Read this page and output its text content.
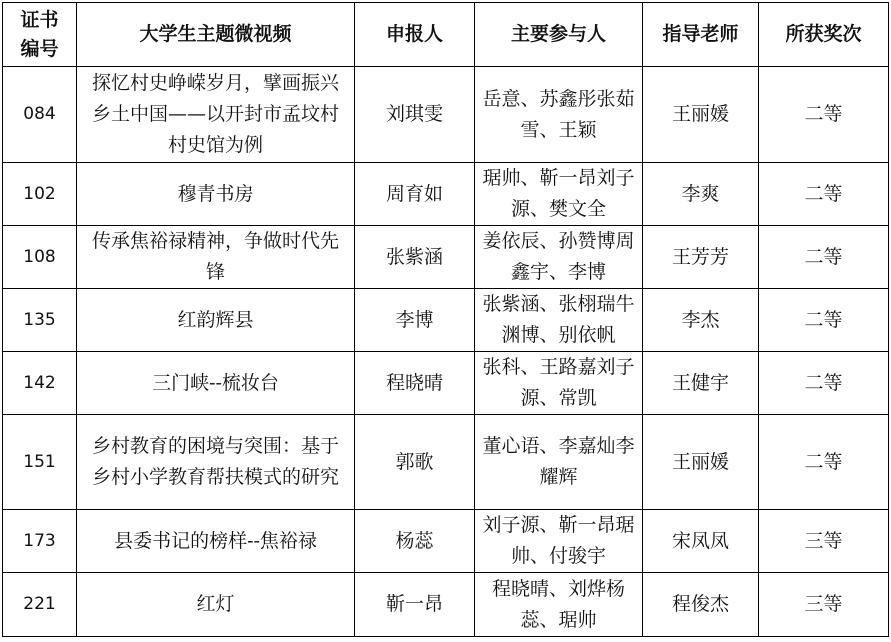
证书编号	大学生主题微视频	申报人	主要参与人	指导老师	所获奖次
084	探忆村史峥嵘岁月，擘画振兴乡土中国——以开封市孟坟村村史馆为例	刘琪雯	岳意、苏鑫彤张茹雪、王颖	王丽媛	二等
102	穆青书房	周育如	琚帅、靳一昂刘子源、樊文全	李爽	二等
108	传承焦裕禄精神，争做时代先锋	张紫涵	姜依辰、孙赞博周鑫宇、李博	王芳芳	二等
135	红韵辉县	李博	张紫涵、张栩瑞牛渊博、别依帆	李杰	二等
142	三门峡--梳妆台	程晓晴	张科、王路嘉刘子源、常凯	王健宇	二等
151	乡村教育的困境与突围：基于乡村小学教育帮扶模式的研究	郭歌	董心语、李嘉灿李耀辉	王丽媛	二等
173	县委书记的榜样--焦裕禄	杨蕊	刘子源、靳一昂琚帅、付骏宇	宋凤凤	三等
221	红灯	靳一昂	程晓晴、刘烨杨蕊、琚帅	程俊杰	三等
